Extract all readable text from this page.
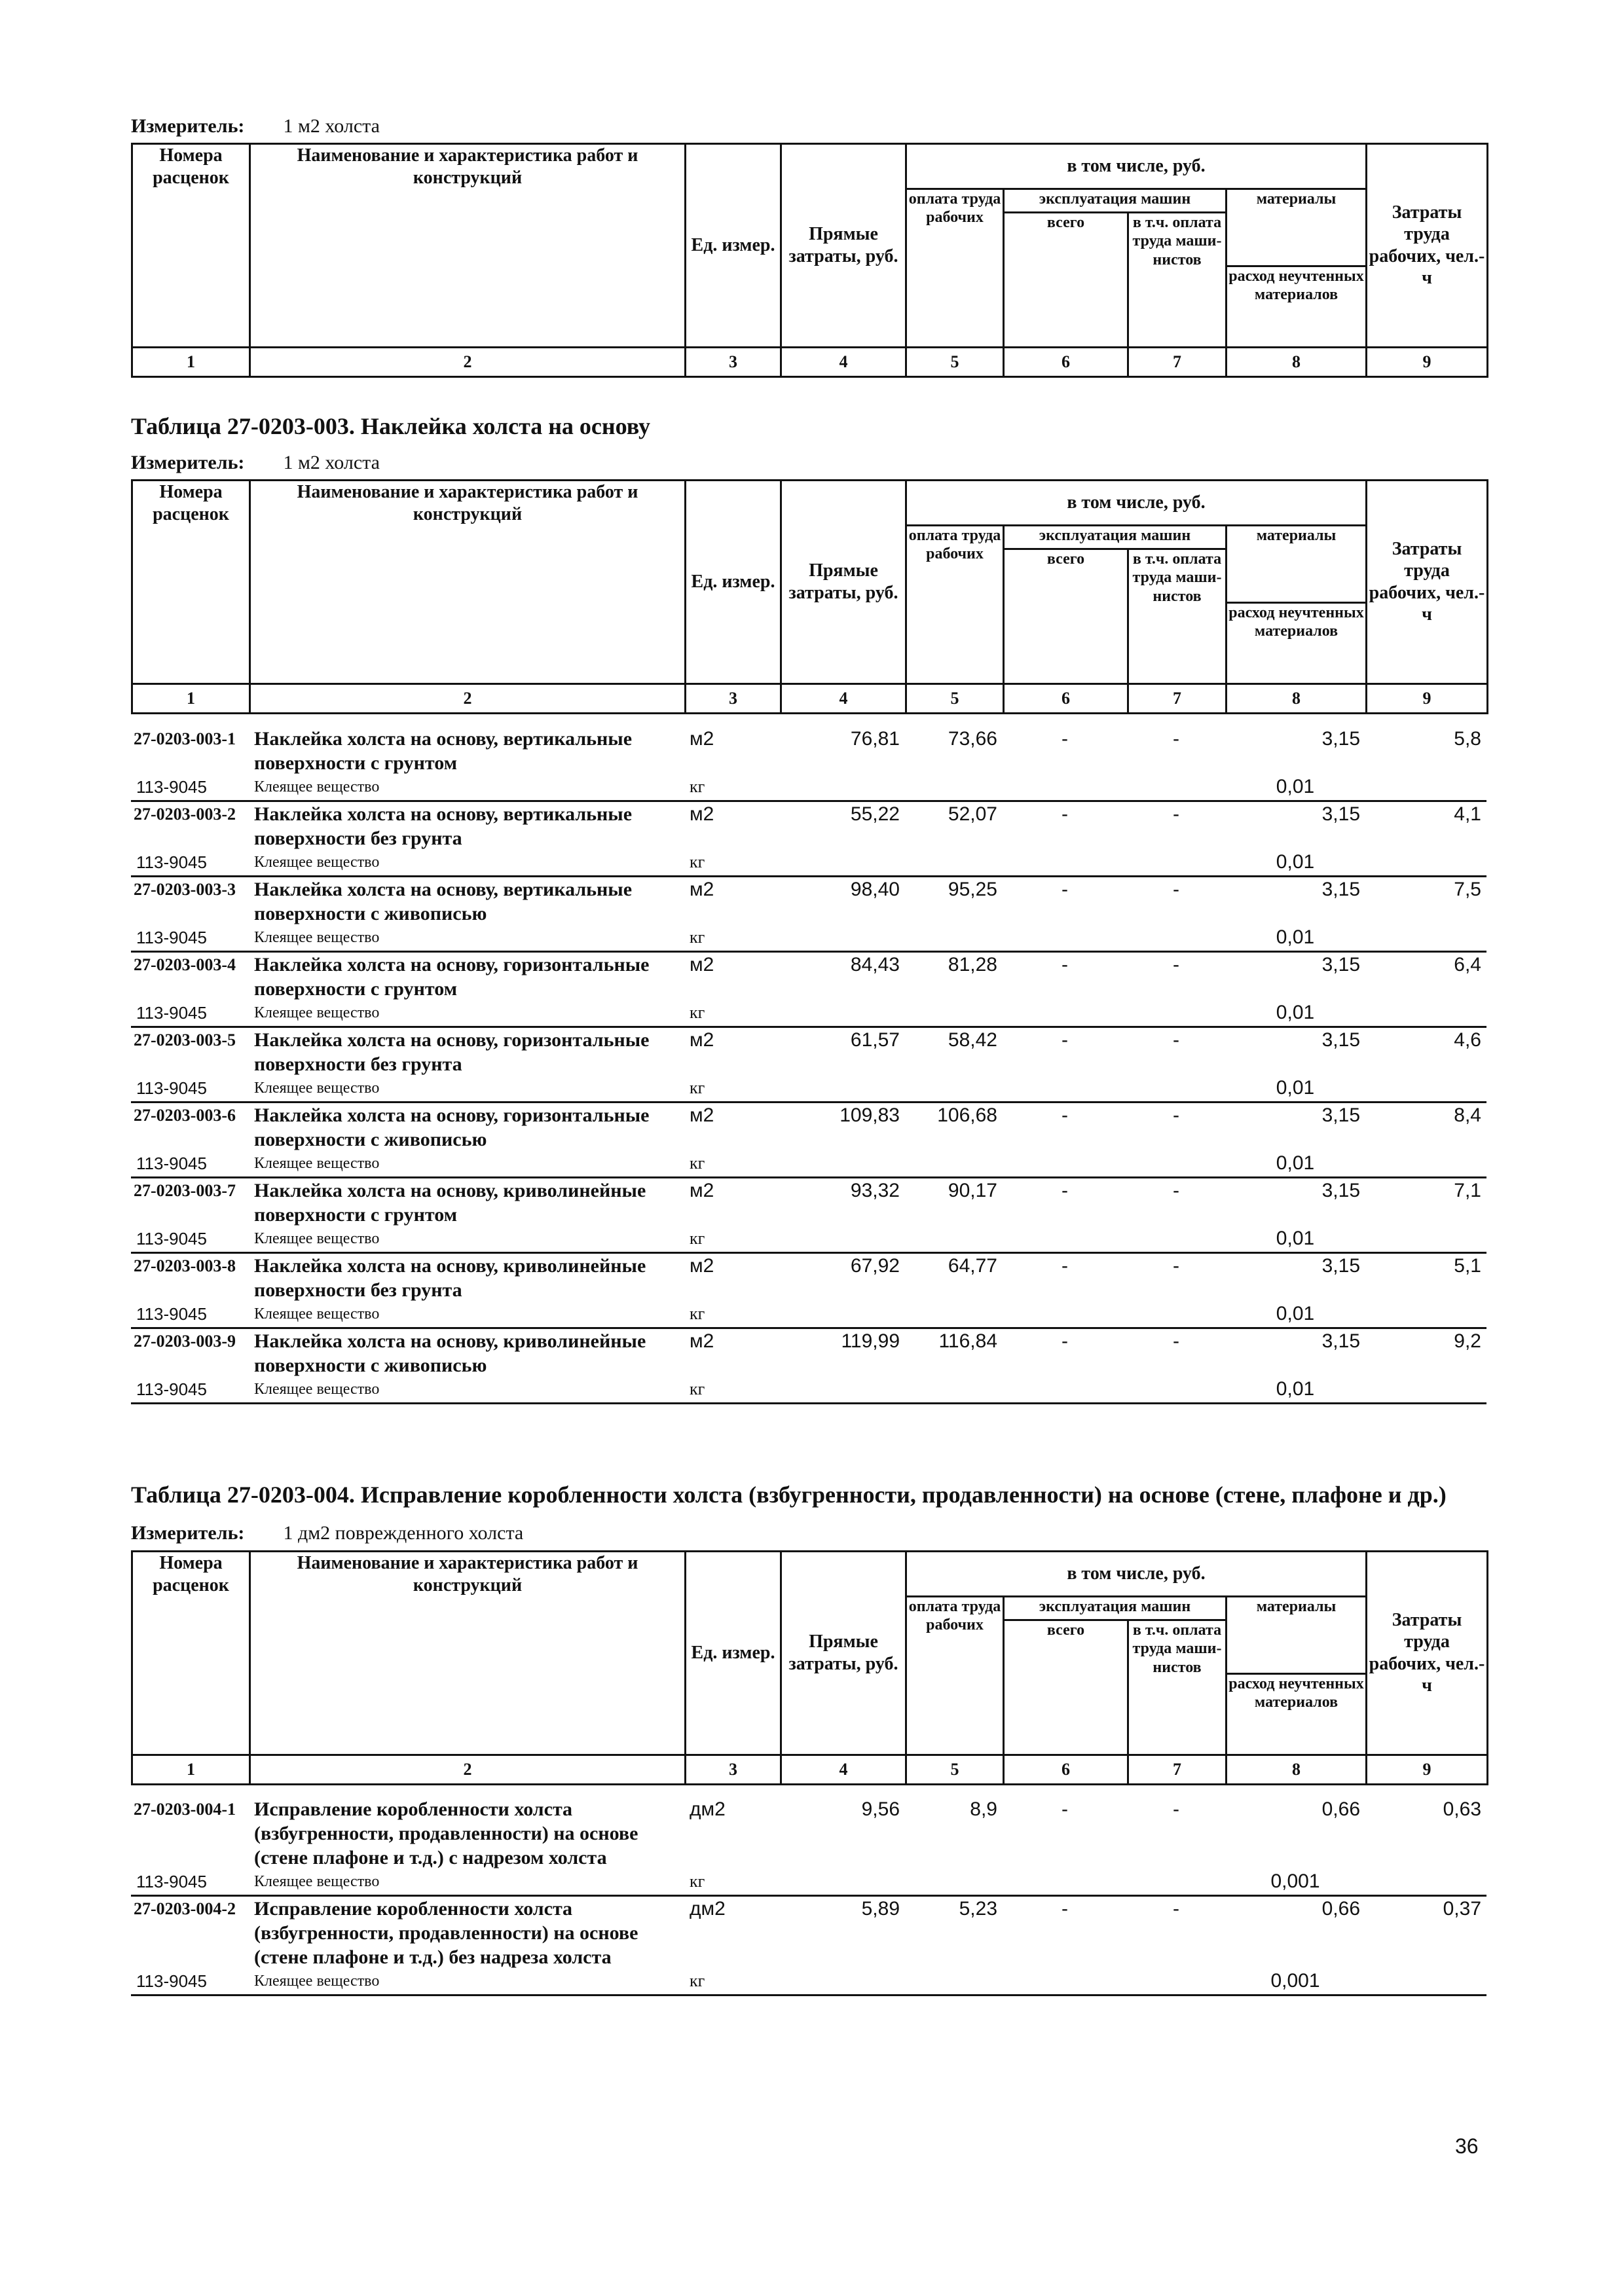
Измеритель: 1 м2 холста
Номера расценок	Наименование и характеристика работ и конструкций	Ед. измер.	Прямые затраты, руб.	в том числе, руб.				Затраты труда рабочих, чел.-ч
				оплата труда рабочих	эксплуатация машин		материалы	
					всего	в т.ч. оплата труда маши- нистов		
							расход неучтенных материалов	
1	2	3	4	5	6	7	8	9
Таблица 27-0203-003. Наклейка холста на основу
Измеритель: 1 м2 холста
Номера расценок	Наименование и характеристика работ и конструкций	Ед. измер.	Прямые затраты, руб.	в том числе, руб.				Затраты труда рабочих, чел.-ч
				оплата труда рабочих	эксплуатация машин		материалы	
					всего	в т.ч. оплата труда маши- нистов		
							расход неучтенных материалов	
1	2	3	4	5	6	7	8	9
27-0203-003-1	Наклейка холста на основу, вертикальные поверхности с грунтом	м2	76,81	73,66	-	-	3,15	5,8
113-9045	Клеящее вещество	кг					0,01	
27-0203-003-2	Наклейка холста на основу, вертикальные поверхности без грунта	м2	55,22	52,07	-	-	3,15	4,1
113-9045	Клеящее вещество	кг					0,01	
27-0203-003-3	Наклейка холста на основу, вертикальные поверхности с живописью	м2	98,40	95,25	-	-	3,15	7,5
113-9045	Клеящее вещество	кг					0,01	
27-0203-003-4	Наклейка холста на основу, горизонтальные поверхности с грунтом	м2	84,43	81,28	-	-	3,15	6,4
113-9045	Клеящее вещество	кг					0,01	
27-0203-003-5	Наклейка холста на основу, горизонтальные поверхности без грунта	м2	61,57	58,42	-	-	3,15	4,6
113-9045	Клеящее вещество	кг					0,01	
27-0203-003-6	Наклейка холста на основу, горизонтальные поверхности с живописью	м2	109,83	106,68	-	-	3,15	8,4
113-9045	Клеящее вещество	кг					0,01	
27-0203-003-7	Наклейка холста на основу, криволинейные поверхности с грунтом	м2	93,32	90,17	-	-	3,15	7,1
113-9045	Клеящее вещество	кг					0,01	
27-0203-003-8	Наклейка холста на основу, криволинейные поверхности без грунта	м2	67,92	64,77	-	-	3,15	5,1
113-9045	Клеящее вещество	кг					0,01	
27-0203-003-9	Наклейка холста на основу, криволинейные поверхности с живописью	м2	119,99	116,84	-	-	3,15	9,2
113-9045	Клеящее вещество	кг					0,01	
Таблица 27-0203-004. Исправление коробленности холста (взбугренности, продавленности) на основе (стене, плафоне и др.)
Измеритель: 1 дм2 поврежденного холста
Номера расценок	Наименование и характеристика работ и конструкций	Ед. измер.	Прямые затраты, руб.	в том числе, руб.				Затраты труда рабочих, чел.-ч
				оплата труда рабочих	эксплуатация машин		материалы	
					всего	в т.ч. оплата труда маши- нистов		
							расход неучтенных материалов	
1	2	3	4	5	6	7	8	9
27-0203-004-1	Исправление коробленности холста (взбугренности, продавленности) на основе (стене плафоне и т.д.) с надрезом холста	дм2	9,56	8,9	-	-	0,66	0,63
113-9045	Клеящее вещество	кг					0,001	
27-0203-004-2	Исправление коробленности холста (взбугренности, продавленности) на основе (стене плафоне и т.д.) без надреза холста	дм2	5,89	5,23	-	-	0,66	0,37
113-9045	Клеящее вещество	кг					0,001	
36
